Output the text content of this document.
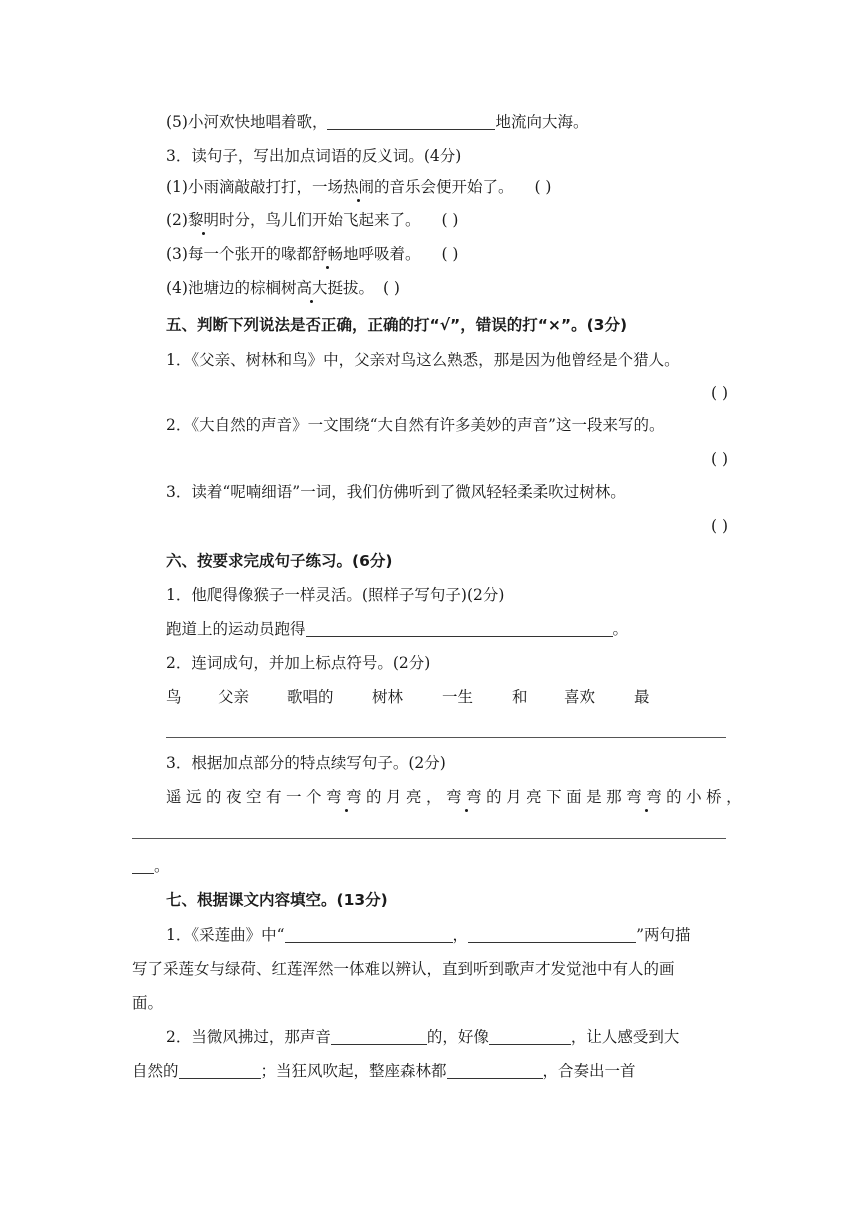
(5)小河欢快地唱着歌，	地流向大海。
3．读句子，写出加点词语的反义词。(4分)
(1)小雨滴敲敲打打，一场热闹的音乐会便开始了。 ( )
(2)黎明时分，鸟儿们开始飞起来了。 ( )
(3)每一个张开的喙都舒畅地呼吸着。 ( )
(4)池塘边的棕榈树高大挺拔。 ( )
五、判断下列说法是否正确，正确的打“√”，错误的打“×”。(3分)
1．《父亲、树林和鸟》中，父亲对鸟这么熟悉，那是因为他曾经是个猎人。
( )
2．《大自然的声音》一文围绕“大自然有许多美妙的声音”这一段来写的。
( )
3．读着“呢喃细语”一词，我们仿佛听到了微风轻轻柔柔吹过树林。
( )
六、按要求完成句子练习。(6分)
1．他爬得像猴子一样灵活。(照样子写句子)(2分)
跑道上的运动员跑得	。
2．连词成句，并加上标点符号。(2分)
鸟 父亲 歌唱的 树林	一生	和 喜欢	最
3．根据加点部分的特点续写句子。(2分)
遥远的夜空有一个弯弯的月亮，弯弯的月亮下面是那弯弯的小桥，
。
七、根据课文内容填空。(13分)
1．《采莲曲》中“	，	”两句描
写了采莲女与绿荷、红莲浑然一体难以辨认，直到听到歌声才发觉池中有人的画
面。
2．当微风拂过，那声音	的，好像	，让人感受到大
自然的	；当狂风吹起，整座森林都	，合奏出一首
